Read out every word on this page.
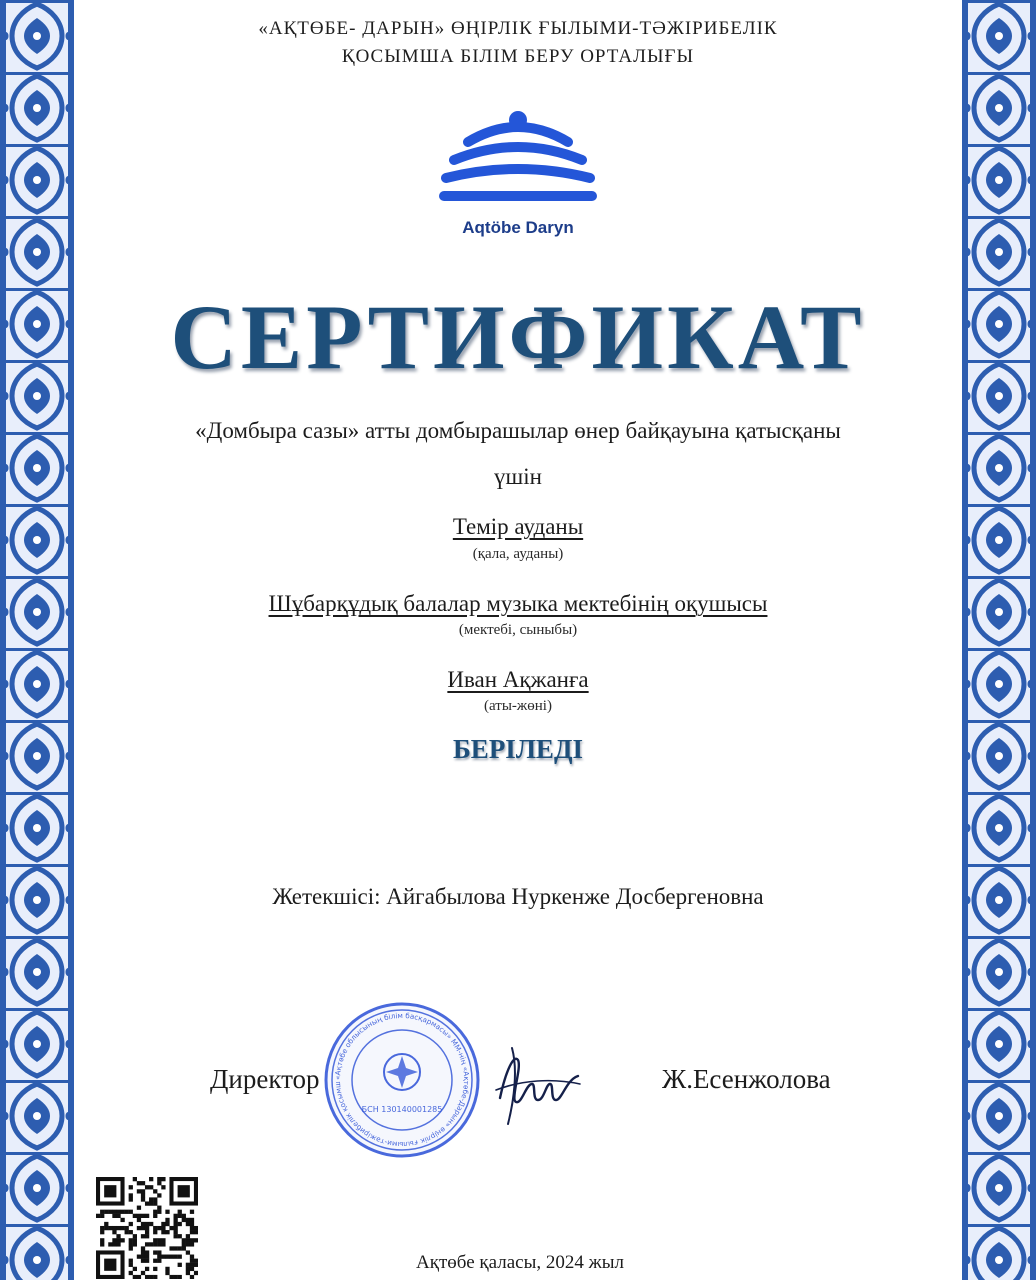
«АҚТӨБЕ- ДАРЫН» ӨҢІРЛІК ҒЫЛЫМИ-ТӘЖІРИБЕЛІК
ҚОСЫМША БІЛІМ БЕРУ ОРТАЛЫҒЫ
Aqtöbe Daryn
СЕРТИФИКАТ
«Домбыра сазы» атты домбырашылар өнер байқауына қатысқаны
үшін
Темір ауданы
(қала, ауданы)
Шұбарқұдық балалар музыка мектебінің оқушысы
(мектебі, сыныбы)
Иван Ақжанға
(аты-жөні)
БЕРІЛЕДІ
Жетекшісі: Айгабылова Нуркенже Досбергеновна
Директор	Ж.Есенжолова
«Ақтөбе облысының білім басқармасы» ММ-нің «Ақтөбе-Дарын» өңірлік ғылыми-тәжірибелік қосымш
БСН 130140001285
Ақтөбе қаласы, 2024 жыл
